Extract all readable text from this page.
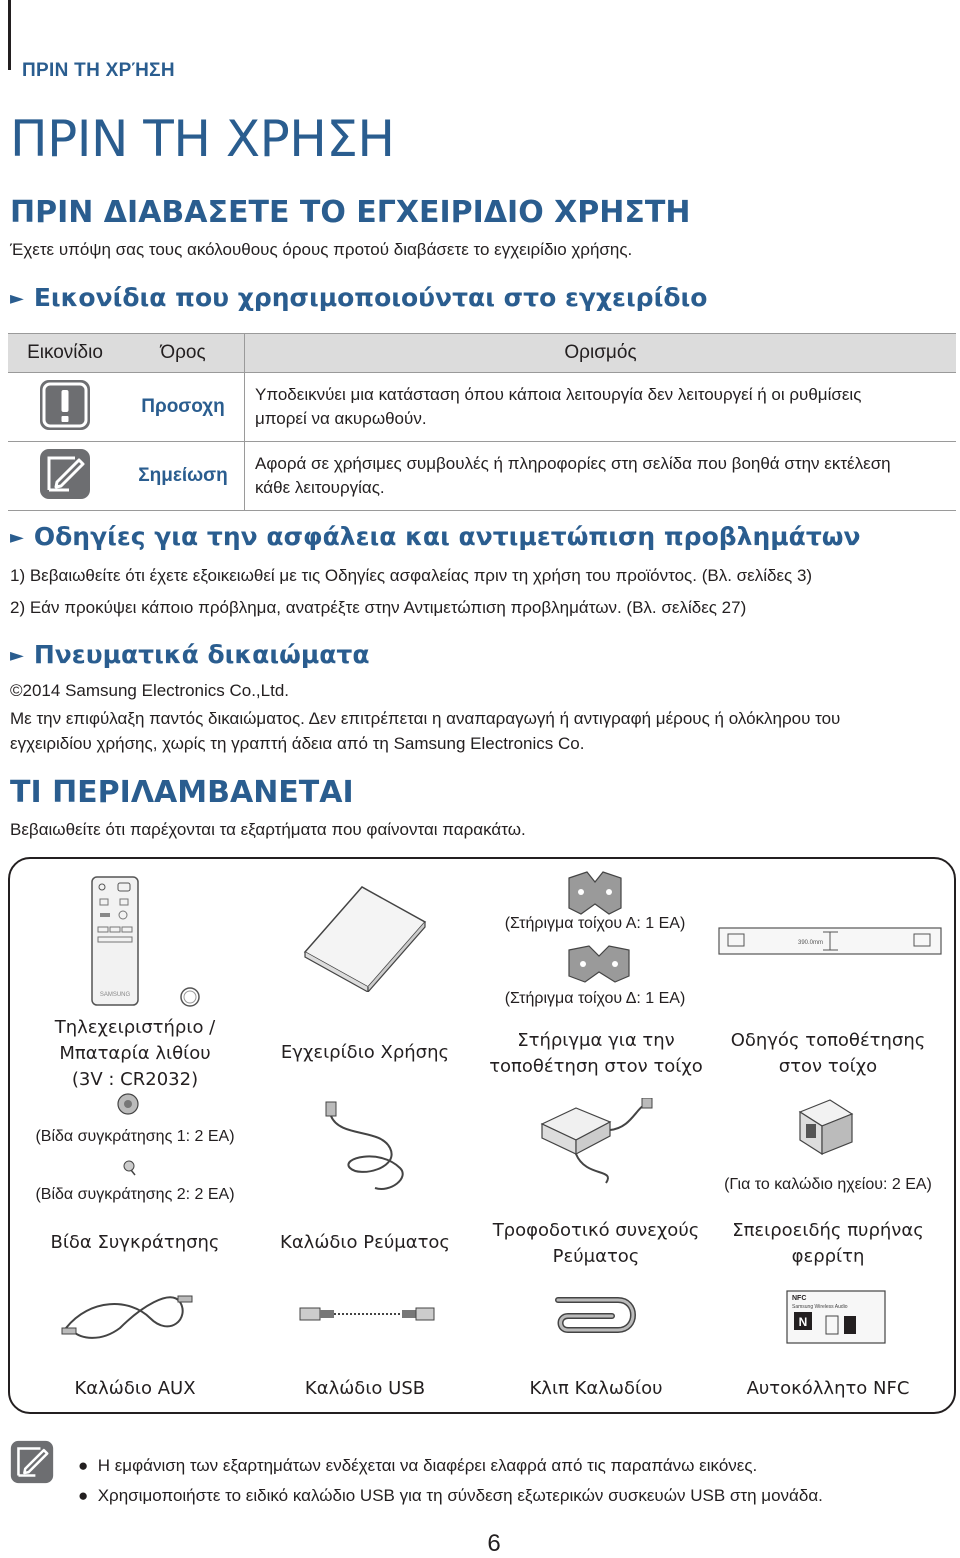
ΠΡΙΝ ΤΗ ΧΡΉΣΗ
ΠΡΙΝ ΤΗ ΧΡΗΣΗ
ΠΡΙΝ ΔΙΑΒΑΣΕΤΕ ΤΟ ΕΓΧΕΙΡΙΔΙΟ ΧΡΗΣΤΗ
Έχετε υπόψη σας τους ακόλουθους όρους προτού διαβάσετε το εγχειρίδιο χρήσης.
► Εικονίδια που χρησιμοποιούνται στο εγχειρίδιο
Εικονίδιο	Όρος	Ορισμός
	Προσοχη	Υποδεικνύει μια κατάσταση όπου κάποια λειτουργία δεν λειτουργεί ή οι ρυθμίσεις
μπορεί να ακυρωθούν.

	Σημείωση	Αφορά σε χρήσιμες συμβουλές ή πληροφορίες στη σελίδα που βοηθά στην εκτέλεση
κάθε λειτουργίας.
► Οδηγίες για την ασφάλεια και αντιμετώπιση προβλημάτων
1) Βεβαιωθείτε ότι έχετε εξοικειωθεί με τις Οδηγίες ασφαλείας πριν τη χρήση του προϊόντος. (Βλ. σελίδες 3)
2) Εάν προκύψει κάποιο πρόβλημα, ανατρέξτε στην Αντιμετώπιση προβλημάτων. (Βλ. σελίδες 27)
► Πνευματικά δικαιώματα
©2014 Samsung Electronics Co.,Ltd.
Με την επιφύλαξη παντός δικαιώματος. Δεν επιτρέπεται η αναπαραγωγή ή αντιγραφή μέρους ή ολόκληρου του
εγχειριδίου χρήσης, χωρίς τη γραπτή άδεια από τη Samsung Electronics Co.
ΤΙ ΠΕΡΙΛΑΜΒΑΝΕΤΑΙ
Βεβαιωθείτε ότι παρέχονται τα εξαρτήματα που φαίνονται παρακάτω.
SAMSUNG
Τηλεχειριστήριο /
Μπαταρία λιθίου
(3V : CR2032)
Εγχειρίδιο Χρήσης
(Στήριγμα τοίχου Α: 1 ΕΑ)
(Στήριγμα τοίχου Δ: 1 ΕΑ)
Στήριγμα για την
τοποθέτηση στον τοίχο
390.0mm
Οδηγός τοποθέτησης
στον τοίχο
(Βίδα συγκράτησης 1: 2 ΕΑ)
(Βίδα συγκράτησης 2: 2 ΕΑ)
Βίδα Συγκράτησης	Καλώδιο Ρεύματος
Τροφοδοτικό συνεχούς
Ρεύματος
(Για το καλώδιο ηχείου: 2 ΕΑ)
Σπειροειδής πυρήνας
φερρίτη
Καλώδιο AUX	Καλώδιο USB	Κλιπ Καλωδίου
NFC
Samsung Wireless Audio
N
Αυτοκόλλητο NFC
●  Η εμφάνιση των εξαρτημάτων ενδέχεται να διαφέρει ελαφρά από τις παραπάνω εικόνες.
●  Χρησιμοποιήστε το ειδικό καλώδιο USB για τη σύνδεση εξωτερικών συσκευών USB στη μονάδα.
6
